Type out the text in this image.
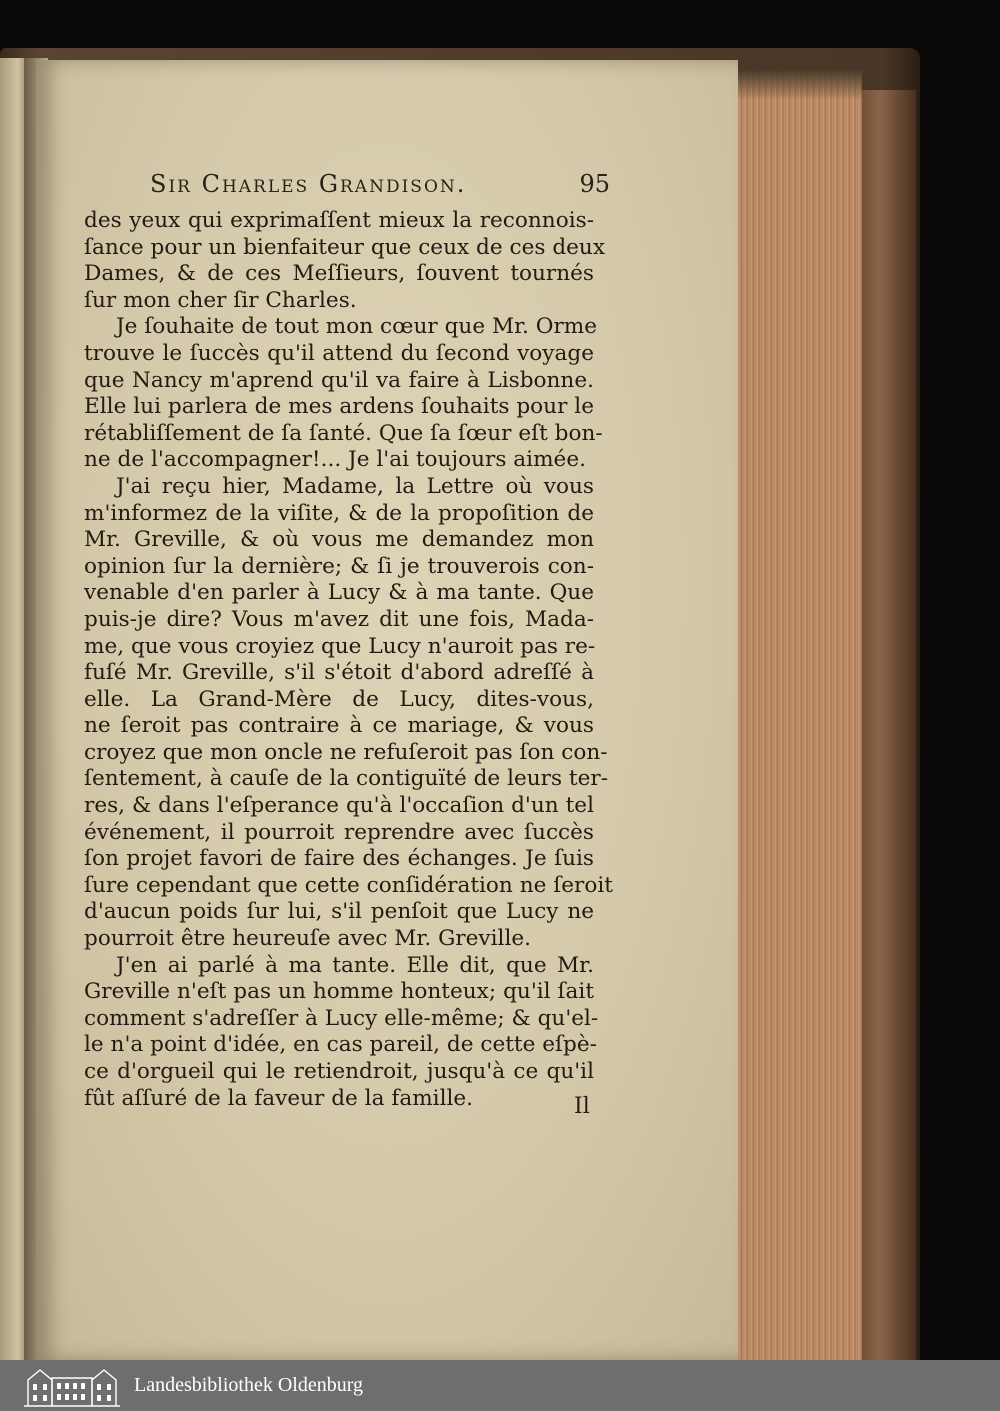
Sir Charles Grandison.	95
des yeux qui exprimaſſent mieux la reconnois-
ſance pour un bienfaiteur que ceux de ces deux
Dames, & de ces Meſſieurs, ſouvent tournés
ſur mon cher ſir Charles.
Je ſouhaite de tout mon cœur que Mr. Orme
trouve le ſuccès qu'il attend du ſecond voyage
que Nancy m'aprend qu'il va faire à Lisbonne.
Elle lui parlera de mes ardens ſouhaits pour le
rétabliſſement de ſa ſanté. Que ſa ſœur eſt bon-
ne de l'accompagner!... Je l'ai toujours aimée.
J'ai reçu hier, Madame, la Lettre où vous
m'informez de la viſite, & de la propoſition de
Mr. Greville, & où vous me demandez mon
opinion ſur la dernière; & ſi je trouverois con-
venable d'en parler à Lucy & à ma tante. Que
puis-je dire? Vous m'avez dit une fois, Mada-
me, que vous croyiez que Lucy n'auroit pas re-
fuſé Mr. Greville, s'il s'étoit d'abord adreſſé à
elle. La Grand-Mère de Lucy, dites-vous,
ne ſeroit pas contraire à ce mariage, & vous
croyez que mon oncle ne refuſeroit pas ſon con-
ſentement, à cauſe de la contiguïté de leurs ter-
res, & dans l'eſperance qu'à l'occaſion d'un tel
événement, il pourroit reprendre avec ſuccès
ſon projet favori de faire des échanges. Je ſuis
ſure cependant que cette conſidération ne ſeroit
d'aucun poids ſur lui, s'il penſoit que Lucy ne
pourroit être heureuſe avec Mr. Greville.
J'en ai parlé à ma tante. Elle dit, que Mr.
Greville n'eſt pas un homme honteux; qu'il ſait
comment s'adreſſer à Lucy elle-même; & qu'el-
le n'a point d'idée, en cas pareil, de cette eſpè-
ce d'orgueil qui le retiendroit, jusqu'à ce qu'il
fût aſſuré de la faveur de la famille.	Il
Landesbibliothek Oldenburg
